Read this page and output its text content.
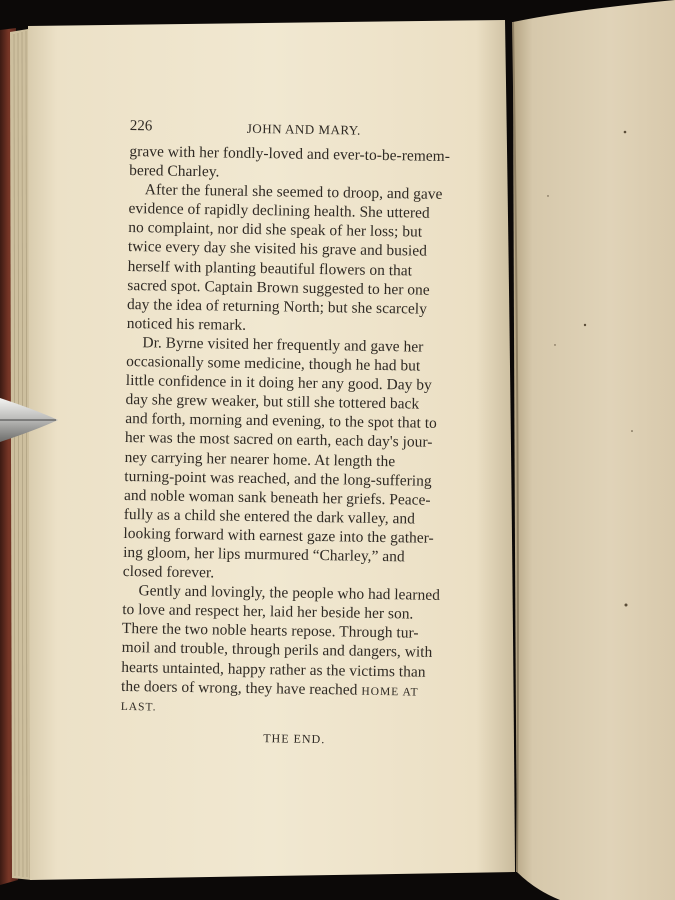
226	JOHN AND MARY.
grave with her fondly-loved and ever-to-be-remem-
bered Charley.
After the funeral she seemed to droop, and gave
evidence of rapidly declining health. She uttered
no complaint, nor did she speak of her loss; but
twice every day she visited his grave and busied
herself with planting beautiful flowers on that
sacred spot. Captain Brown suggested to her one
day the idea of returning North; but she scarcely
noticed his remark.
Dr. Byrne visited her frequently and gave her
occasionally some medicine, though he had but
little confidence in it doing her any good. Day by
day she grew weaker, but still she tottered back
and forth, morning and evening, to the spot that to
her was the most sacred on earth, each day's jour-
ney carrying her nearer home. At length the
turning-point was reached, and the long-suffering
and noble woman sank beneath her griefs. Peace-
fully as a child she entered the dark valley, and
looking forward with earnest gaze into the gather-
ing gloom, her lips murmured “Charley,” and
closed forever.
Gently and lovingly, the people who had learned
to love and respect her, laid her beside her son.
There the two noble hearts repose. Through tur-
moil and trouble, through perils and dangers, with
hearts untainted, happy rather as the victims than
the doers of wrong, they have reached HOME AT
LAST.
THE END.
